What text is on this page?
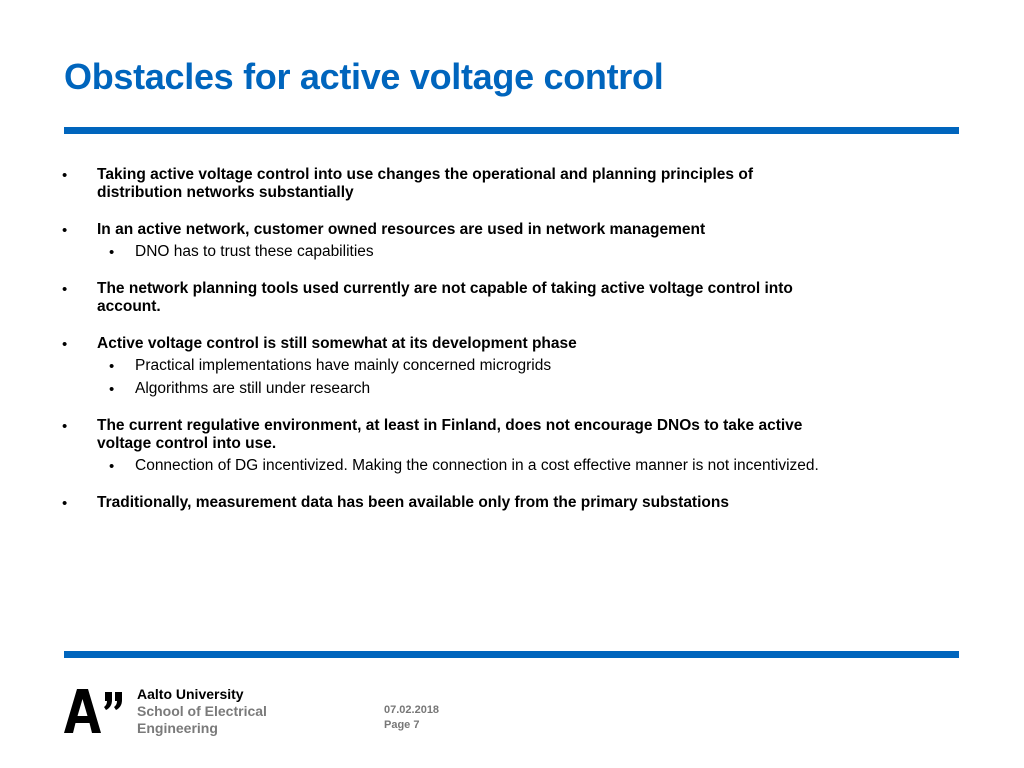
Obstacles for active voltage control
• Taking active voltage control into use changes the operational and planning principles of distribution networks substantially
• In an active network, customer owned resources are used in network management
• DNO has to trust these capabilities
• The network planning tools used currently are not capable of taking active voltage control into account.
• Active voltage control is still somewhat at its development phase
• Practical implementations have mainly concerned microgrids
• Algorithms are still under research
• The current regulative environment, at least in Finland, does not encourage DNOs to take active voltage control into use.
• Connection of DG incentivized. Making the connection in a cost effective manner is not incentivized.
• Traditionally, measurement data has been available only from the primary substations
Aalto University
School of Electrical
Engineering
07.02.2018
Page 7
